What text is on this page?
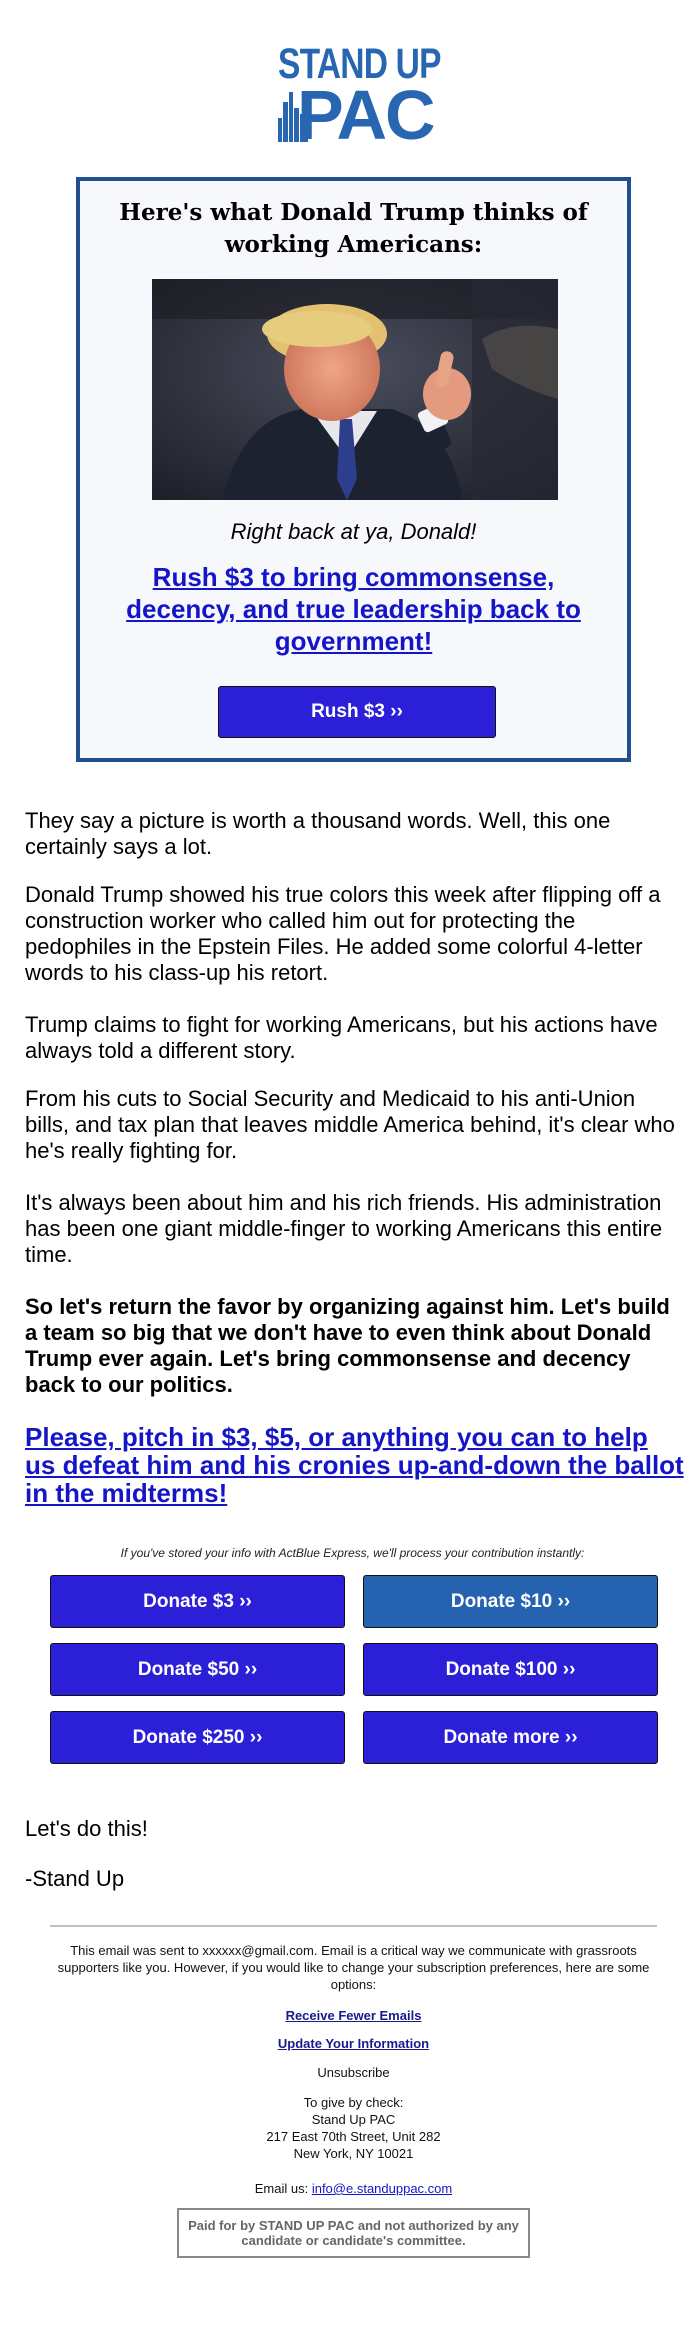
STAND UP
PAC
Here's what Donald Trump thinks of working Americans:
Right back at ya, Donald!
Rush $3 to bring commonsense, decency, and true leadership back to government!
Rush $3 ››
They say a picture is worth a thousand words. Well, this one certainly says a lot.
Donald Trump showed his true colors this week after flipping off a construction worker who called him out for protecting the pedophiles in the Epstein Files. He added some colorful 4-letter words to his class-up his retort.
Trump claims to fight for working Americans, but his actions have always told a different story.
From his cuts to Social Security and Medicaid to his anti-Union bills, and tax plan that leaves middle America behind, it's clear who he's really fighting for.
It's always been about him and his rich friends. His administration has been one giant middle-finger to working Americans this entire time.
So let's return the favor by organizing against him. Let's build a team so big that we don't have to even think about Donald Trump ever again. Let's bring commonsense and decency back to our politics.
Please, pitch in $3, $5, or anything you can to help us defeat him and his cronies up-and-down the ballot in the midterms!
If you've stored your info with ActBlue Express, we'll process your contribution instantly:
Donate $3 ››	Donate $10 ››
Donate $50 ››	Donate $100 ››
Donate $250 ››	Donate more ››
Let's do this!
-Stand Up
This email was sent to xxxxxx@gmail.com. Email is a critical way we communicate with grassroots supporters like you. However, if you would like to change your subscription preferences, here are some options:
Receive Fewer Emails
Update Your Information
Unsubscribe
To give by check:
Stand Up PAC
217 East 70th Street, Unit 282
New York, NY 10021
Email us: info@e.standuppac.com
Paid for by STAND UP PAC and not authorized by any candidate or candidate's committee.
